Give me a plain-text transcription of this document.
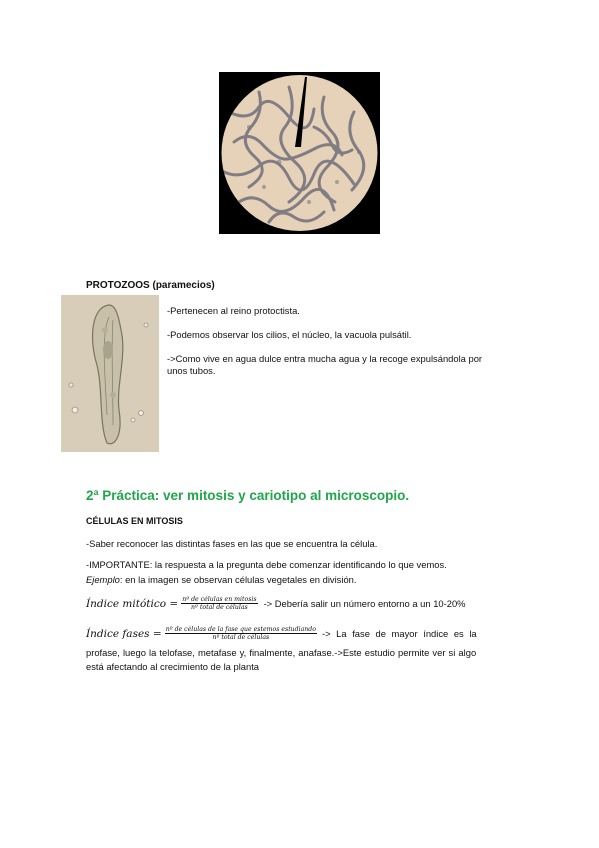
PROTOZOOS (paramecios)
-Pertenecen al reino protoctista.
-Podemos observar los cilios, el núcleo, la vacuola pulsátil.
->Como vive en agua dulce entra mucha agua y la recoge expulsándola por unos tubos.
2ª Práctica: ver mitosis y cariotipo al microscopio.
CÉLULAS EN MITOSIS
-Saber reconocer las distintas fases en las que se encuentra la célula.
-IMPORTANTE: la respuesta a la pregunta debe comenzar identificando lo que vemos.
Ejemplo: en la imagen se observan células vegetales en división.
Índice mitótico = $\frac{\text{nº de células en mitosis}}{\text{nº total de células}}$ -> Debería salir un número entorno a un 10-20%
Índice fases = $\frac{\text{nº de células de la fase que estemos estudiando}}{\text{nº total de células}} -> La$ fase de mayor índice es la
profase, luego la telofase, metafase y, finalmente, anafase.->Este estudio permite ver si algo
está afectando al crecimiento de la planta
